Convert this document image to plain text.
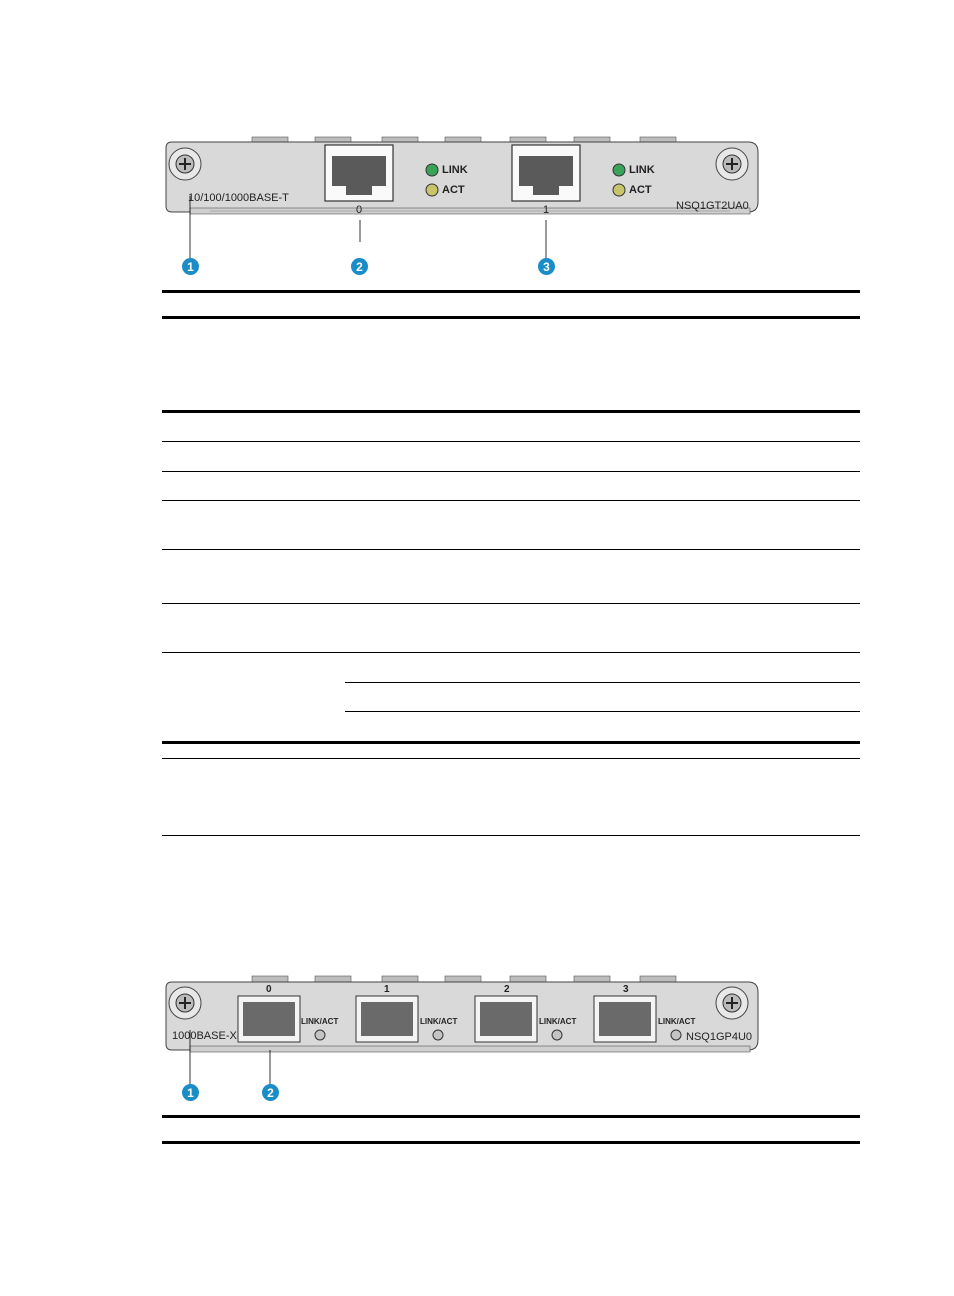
10/100/1000BASE-T
NSQ1GT2UA0
LINK
ACT
LINK
ACT
0	1
1	2	3
1000BASE-X	NSQ1GP4U0
0	1	2	3
LINK/ACT	LINK/ACT	LINK/ACT	LINK/ACT
1	2
